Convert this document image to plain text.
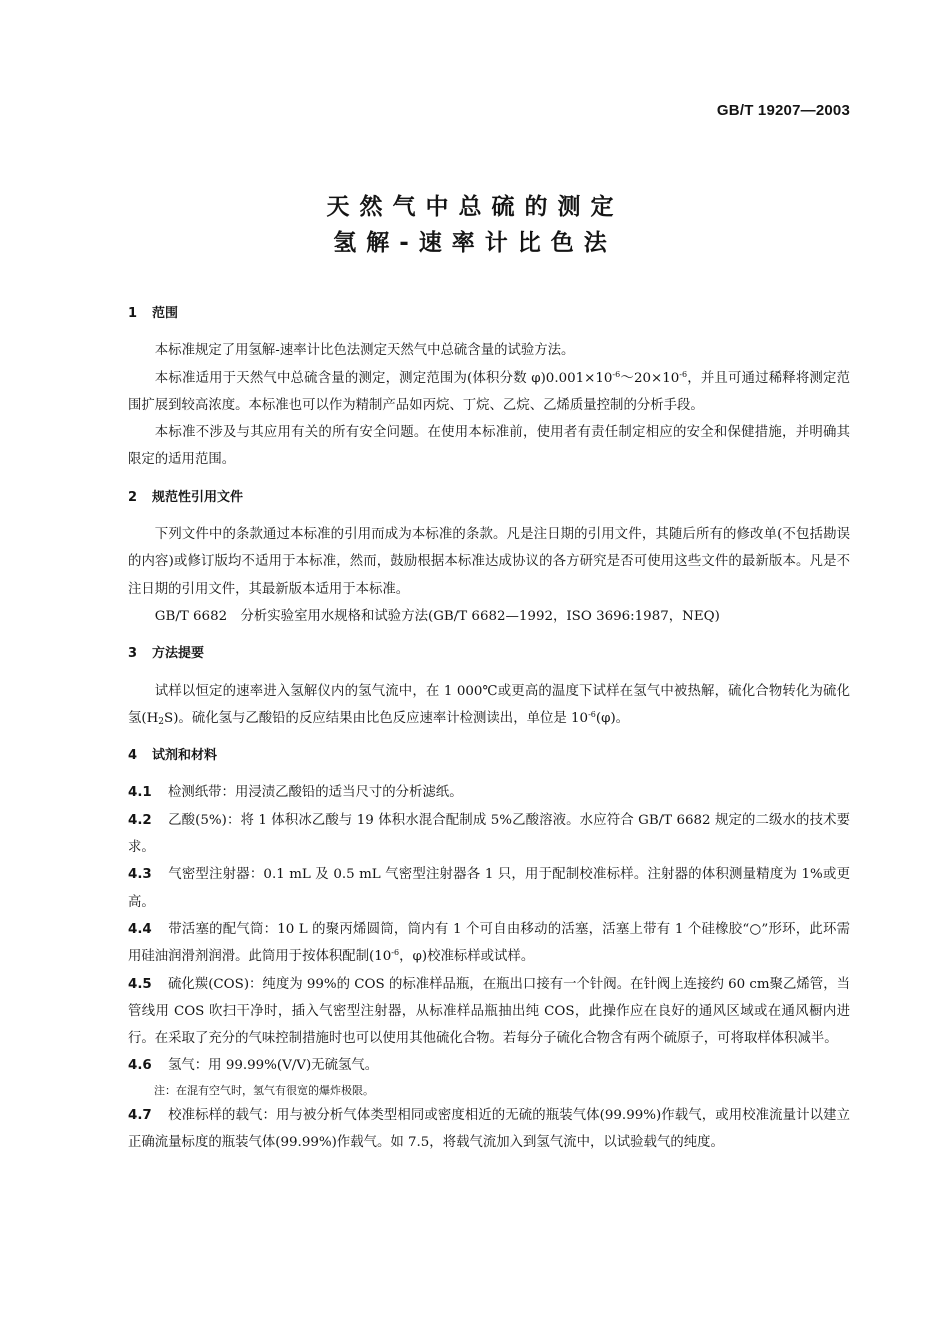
GB/T 19207—2003
天然气中总硫的测定
氢解-速率计比色法
1 范围
本标准规定了用氢解-速率计比色法测定天然气中总硫含量的试验方法。
本标准适用于天然气中总硫含量的测定，测定范围为(体积分数 $\varphi)0.001\times 10^{-6}\sim 20\times 10^{-6}$，并且可通过稀释将测定范围扩展到较高浓度。本标准也可以作为精制产品如丙烷、丁烷、乙烷、乙烯质量控制的分析手段。
本标准不涉及与其应用有关的所有安全问题。在使用本标准前，使用者有责任制定相应的安全和保健措施，并明确其限定的适用范围。
2 规范性引用文件
下列文件中的条款通过本标准的引用而成为本标准的条款。凡是注日期的引用文件，其随后所有的修改单(不包括勘误的内容)或修订版均不适用于本标准，然而，鼓励根据本标准达成协议的各方研究是否可使用这些文件的最新版本。凡是不注日期的引用文件，其最新版本适用于本标准。
GB/T 6682　分析实验室用水规格和试验方法(GB/T 6682—1992，ISO 3696:1987，NEQ)
3 方法提要
试样以恒定的速率进入氢解仪内的氢气流中，在 1 000℃或更高的温度下试样在氢气中被热解，硫化合物转化为硫化氢$(H_2S)$。硫化氢与乙酸铅的反应结果由比色反应速率计检测读出，单位是 $10^{-6}(\varphi)$。
4 试剂和材料
4.1 检测纸带：用浸渍乙酸铅的适当尺寸的分析滤纸。
4.2 乙酸(5%)：将 1 体积冰乙酸与 19 体积水混合配制成 5%乙酸溶液。水应符合 GB/T 6682 规定的二级水的技术要求。
4.3 气密型注射器：0.1 mL 及 0.5 mL 气密型注射器各 1 只，用于配制校准标样。注射器的体积测量精度为 1%或更高。
4.4 带活塞的配气筒：10 L 的聚丙烯圆筒，筒内有 1 个可自由移动的活塞，活塞上带有 1 个硅橡胶“○”形环，此环需用硅油润滑剂润滑。此筒用于按体积配制($10^{-6}$，φ)校准标样或试样。
4.5 硫化羰(COS)：纯度为 99%的 COS 的标准样品瓶，在瓶出口接有一个针阀。在针阀上连接约 60 cm聚乙烯管，当管线用 COS 吹扫干净时，插入气密型注射器，从标准样品瓶抽出纯 COS，此操作应在良好的通风区域或在通风橱内进行。在采取了充分的气味控制措施时也可以使用其他硫化合物。若每分子硫化合物含有两个硫原子，可将取样体积减半。
4.6 氢气：用 99.99%(V/V)无硫氢气。
注：在混有空气时，氢气有很宽的爆炸极限。
4.7 校准标样的载气：用与被分析气体类型相同或密度相近的无硫的瓶装气体(99.99%)作载气，或用校准流量计以建立正确流量标度的瓶装气体(99.99%)作载气。如 7.5，将载气流加入到氢气流中，以试验载气的纯度。
